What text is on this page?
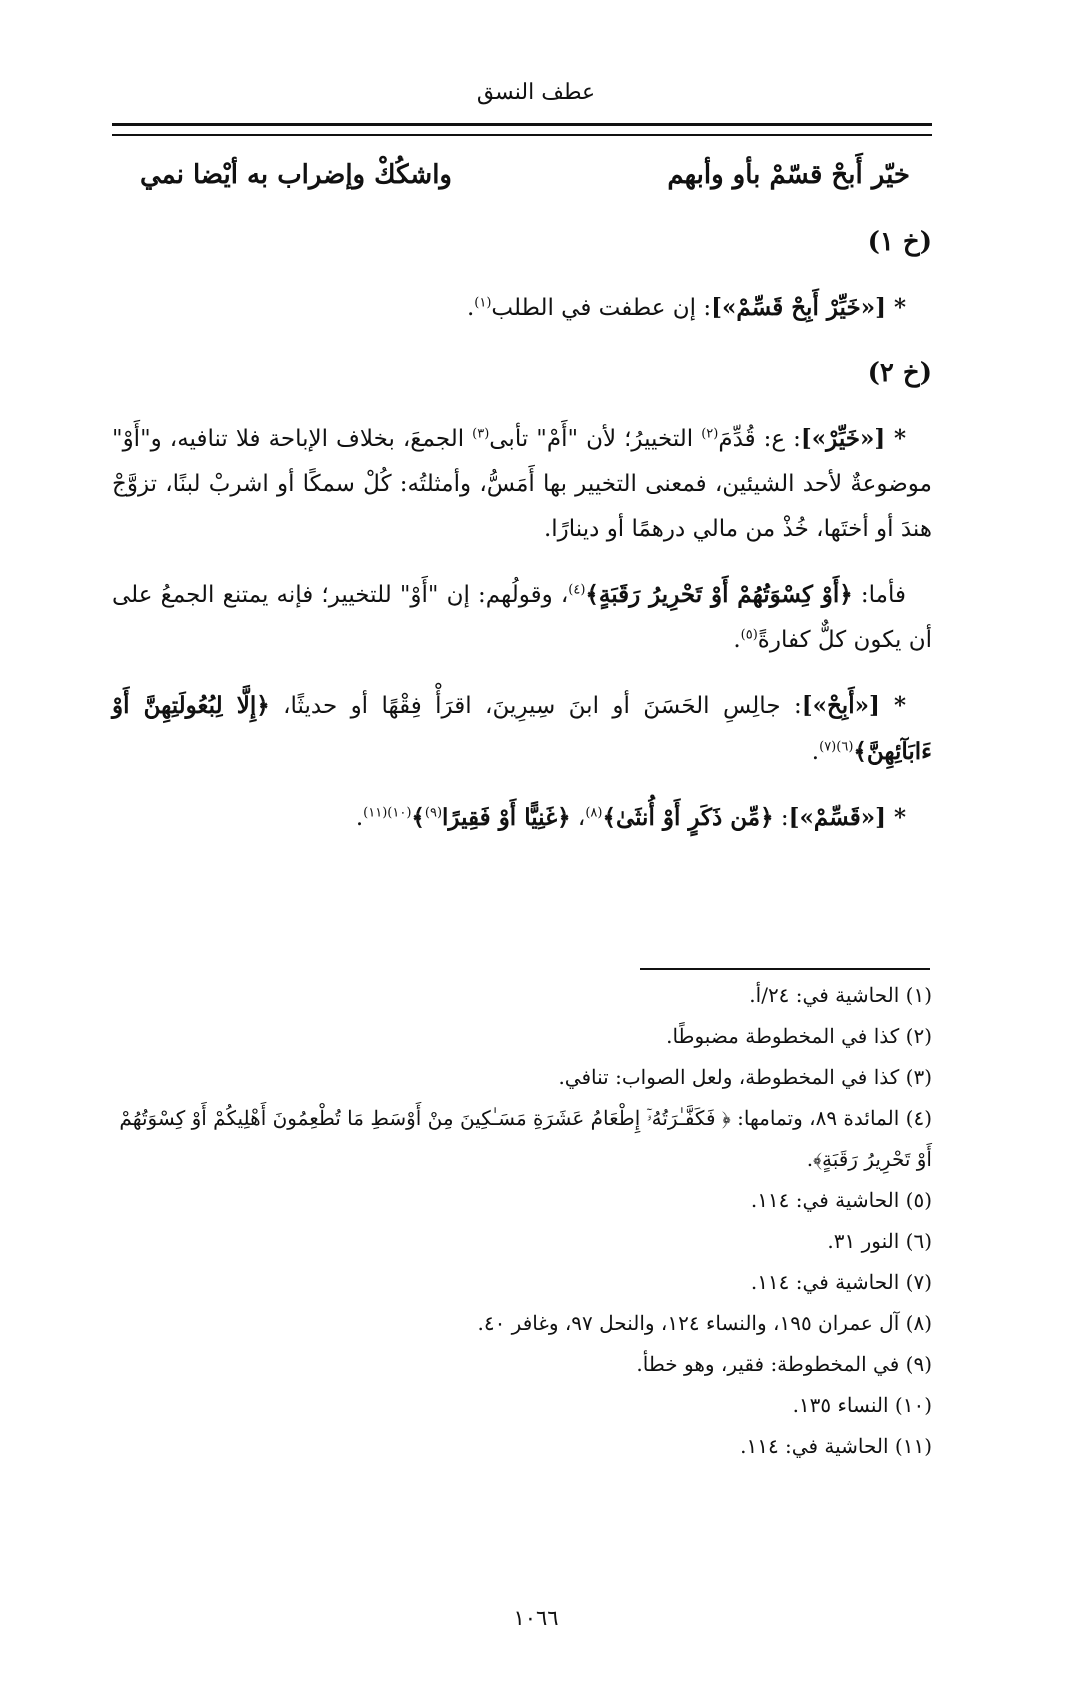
عطف النسق
خيّر أَبحْ قسّمْ بأو وأبهم
واشكُكْ وإضراب به أيْضا نمي

(خ ١)

* [«خَيِّرْ أَبِحْ قَسِّمْ»]: إن عطفت في الطلب$^{(١)}$.

(خ ٢)

* [«خَيِّرْ»]: ع: قُدِّمَ$^{(٢)}$ التخييرُ؛ لأن "أَمْ" تأبى$^{(٣)}$ الجمعَ، بخلاف الإباحة فلا تنافيه، و"أَوْ" موضوعةٌ لأحد الشيئين، فمعنى التخيير بها أَمَسُّ، وأمثلتُه: كُلْ سمكًا أو اشربْ لبنًا، تزوَّجْ هندَ أو أختَها، خُذْ من مالي درهمًا أو دينارًا.

فأما: ﴿أَوْ كِسْوَتُهُمْ أَوْ تَحْرِيرُ رَقَبَةٍ﴾$^{(٤)}$، وقولُهم: إن "أَوْ" للتخيير؛ فإنه يمتنع الجمعُ على أن يكون كلٌّ كفارةً$^{(٥)}$.

* [«أَبِحْ»]: جالِسِ الحَسَنَ أو ابنَ سِيرِينَ، اقرَأْ فِقْهًا أو حديثًا، ﴿إِلَّا لِبُعُولَتِهِنَّ أَوْ ءَابَآئِهِنَّ﴾$^{(٦)(٧)}$.

* [«قَسِّمْ»]: ﴿مِّن ذَكَرٍ أَوْ أُنثَىٰ﴾$^{(٨)}$، ﴿غَنِيًّا أَوْ فَقِيرًا$^{(٩)}$﴾$^{(١٠)(١١)}$.

(١) الحاشية في: ٢٤/أ.
(٢) كذا في المخطوطة مضبوطًا.
(٣) كذا في المخطوطة، ولعل الصواب: تنافي.
(٤) المائدة ٨٩، وتمامها: ﴿ فَكَفَّـٰرَتُهُۥٓ إِطْعَامُ عَشَرَةِ مَسَـٰكِينَ مِنْ أَوْسَطِ مَا تُطْعِمُونَ أَهْلِيكُمْ أَوْ كِسْوَتُهُمْ أَوْ تَحْرِيرُ رَقَبَةٍ﴾.
(٥) الحاشية في: ١١٤.
(٦) النور ٣١.
(٧) الحاشية في: ١١٤.
(٨) آل عمران ١٩٥، والنساء ١٢٤، والنحل ٩٧، وغافر ٤٠.
(٩) في المخطوطة: فقير، وهو خطأ.
(١٠) النساء ١٣٥.
(١١) الحاشية في: ١١٤.
١٠٦٦
